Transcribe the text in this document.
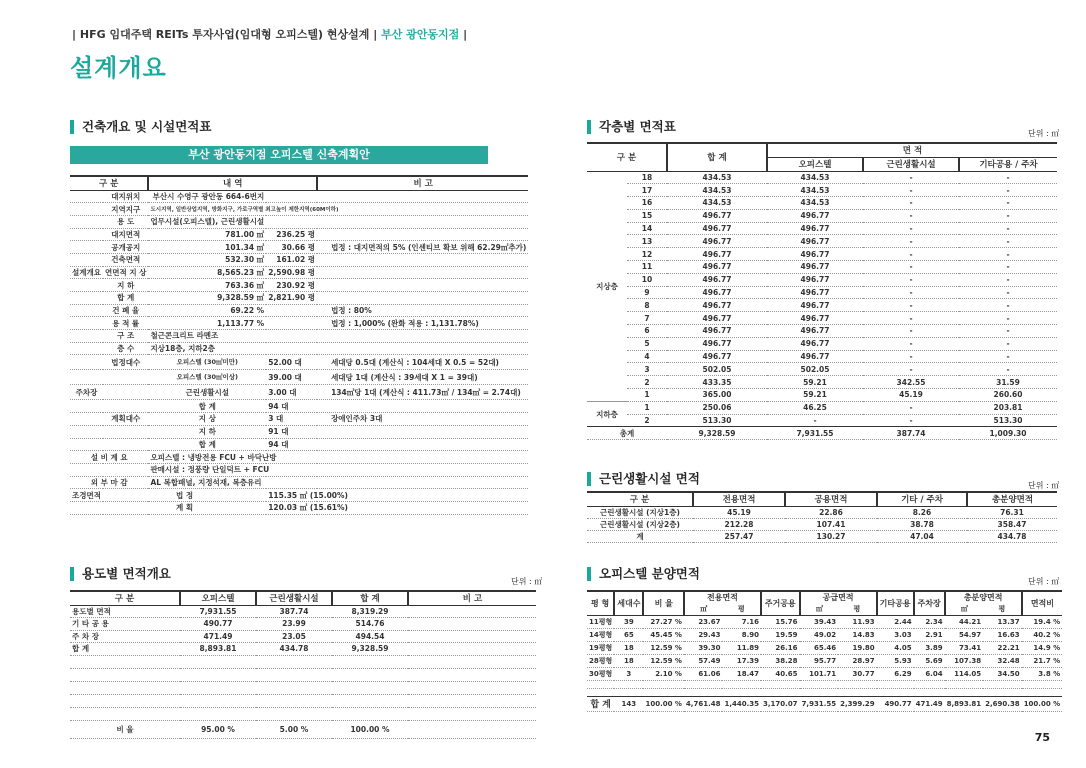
| HFG 임대주택 REITs 투자사업(임대형 오피스텔) 현상설계 | 부산 광안동지점 |
설계개요
건축개요 및 시설면적표
부산 광안동지점 오피스텔 신축계획안
구 분		내 역		비 고
	대지위치	부산시 수영구 광안동 664-6번지		
	지역지구	도시지역, 일반상업지역, 방화지구, 가로구역별 최고높이 제한지역(60M이하)		
	용 도	업무시설(오피스텔), 근린생활시설		
	대지면적	781.00 ㎡	236.25 평	
	공개공지	101.34 ㎡	30.66 평	법정 : 대지면적의 5% (인센티브 확보 위해 62.29㎡추가)
	건축면적	532.30 ㎡	161.02 평	
설계개요	연면적 지 상	8,565.23 ㎡	2,590.98 평	
	지 하	763.36 ㎡	230.92 평	
	합 계	9,328.59 ㎡	2,821.90 평	
	건 폐 율	69.22 %		법정 : 80%
	용 적 률	1,113.77 %		법정 : 1,000% (완화 적용 : 1,131.78%)
	구 조	철근콘크리트 라멘조		
	층 수	지상18층, 지하2층		
	법정대수	오피스텔 (30㎡미만)	52.00 대	세대당 0.5대 (계산식 : 104세대 X 0.5 = 52대)
		오피스텔 (30㎡이상)	39.00 대	세대당 1대 (계산식 : 39세대 X 1 = 39대)
주차장		근린생활시설	3.00 대	134㎡당 1대 (계산식 : 411.73㎡ / 134㎡ = 2.74대)
		합 계	94 대	
	계획대수	지 상	3 대	장애인주차 3대
		지 하	91 대	
		합 계	94 대	
설 비 계 요		오피스텔 : 냉방전용 FCU + 바닥난방		
		판매시설 : 정풍량 단일덕트 + FCU		
외 부 마 감		AL 복합패널, 지정석재, 복층유리		
조경면적	법 정		115.35 ㎡ (15.00%)	
	계 획		120.03 ㎡ (15.61%)	
용도별 면적개요
단위 : ㎡
구 분	오피스텔	근린생활시설	합 계	비 고
용도별 면적	7,931.55	387.74	8,319.29	
기 타 공 용	490.77	23.99	514.76	
주 차 장	471.49	23.05	494.54	
합 계	8,893.81	434.78	9,328.59	

비 율	95.00 %	5.00 %	100.00 %	
각층별 면적표	단위 : ㎡
구 분		합 계	면 적		
			오피스텔	근린생활시설	기타공용 / 주차
지상층	18	434.53	434.53	-	-
	17	434.53	434.53	-	-
	16	434.53	434.53	-	-
	15	496.77	496.77	-	-
	14	496.77	496.77	-	-
	13	496.77	496.77	-	-
	12	496.77	496.77	-	-
	11	496.77	496.77	-	-
	10	496.77	496.77	-	-
	9	496.77	496.77	-	-
	8	496.77	496.77	-	-
	7	496.77	496.77	-	-
	6	496.77	496.77	-	-
	5	496.77	496.77	-	-
	4	496.77	496.77	-	-
	3	502.05	502.05	-	-
	2	433.35	59.21	342.55	31.59
	1	365.00	59.21	45.19	260.60
지하층	1	250.06	46.25	-	203.81
	2	513.30	-	-	513.30
총계		9,328.59	7,931.55	387.74	1,009.30
근린생활시설 면적	단위 : ㎡
구 분	전용면적	공용면적	기타 / 주차	총분양면적
근린생활시설 (지상1층)	45.19	22.86	8.26	76.31
근린생활시설 (지상2층)	212.28	107.41	38.78	358.47
계	257.47	130.27	47.04	434.78
오피스텔 분양면적
단위 : ㎡
평 형	세대수	비 율	전용면적		주거공용	공급면적		기타공용	주차장	총분양면적		면적비
			㎡	평		㎡	평			㎡	평	
11평형	39	27.27 %	23.67	7.16	15.76	39.43	11.93	2.44	2.34	44.21	13.37	19.4 %
14평형	65	45.45 %	29.43	8.90	19.59	49.02	14.83	3.03	2.91	54.97	16.63	40.2 %
19평형	18	12.59 %	39.30	11.89	26.16	65.46	19.80	4.05	3.89	73.41	22.21	14.9 %
28평형	18	12.59 %	57.49	17.39	38.28	95.77	28.97	5.93	5.69	107.38	32.48	21.7 %
30평형	3	2.10 %	61.06	18.47	40.65	101.71	30.77	6.29	6.04	114.05	34.50	3.8 %

합 계	143	100.00 %	4,761.48	1,440.35	3,170.07	7,931.55	2,399.29	490.77	471.49	8,893.81	2,690.38	100.00 %
75
